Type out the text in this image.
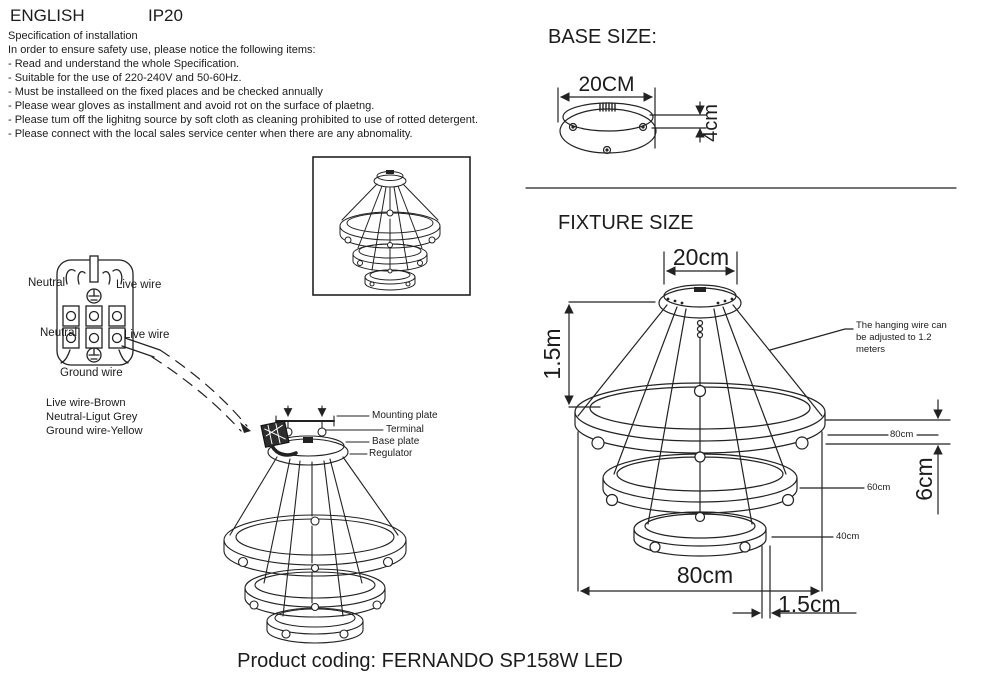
ENGLISH	IP20
Specification of installation
In order to ensure safety use, please notice the following items:
- Read and understand the whole Specification.
- Suitable for the use of 220-240V and 50-60Hz.
- Must be installeed on the fixed places and be checked annually
- Please wear gloves as installment and avoid rot on the surface of plaetng.
- Please tum off the lighitng source by soft cloth as cleaning prohibited to use of rotted detergent.
- Please connect with the local sales service center when there are any abnomality.
BASE SIZE:
20CM
4cm
FIXTURE SIZE
20cm
1.5m
6cm
80cm
1.5cm
80cm
60cm
40cm
The hanging wire can
be adjusted to 1.2
meters
Neutral	Live wire
Neutral	Live wire
Ground wire
Live wire-Brown
Neutral-Ligut Grey
Ground wire-Yellow
Mounting plate
Terminal
Base plate
Regulator
Product coding: FERNANDO SP158W LED
